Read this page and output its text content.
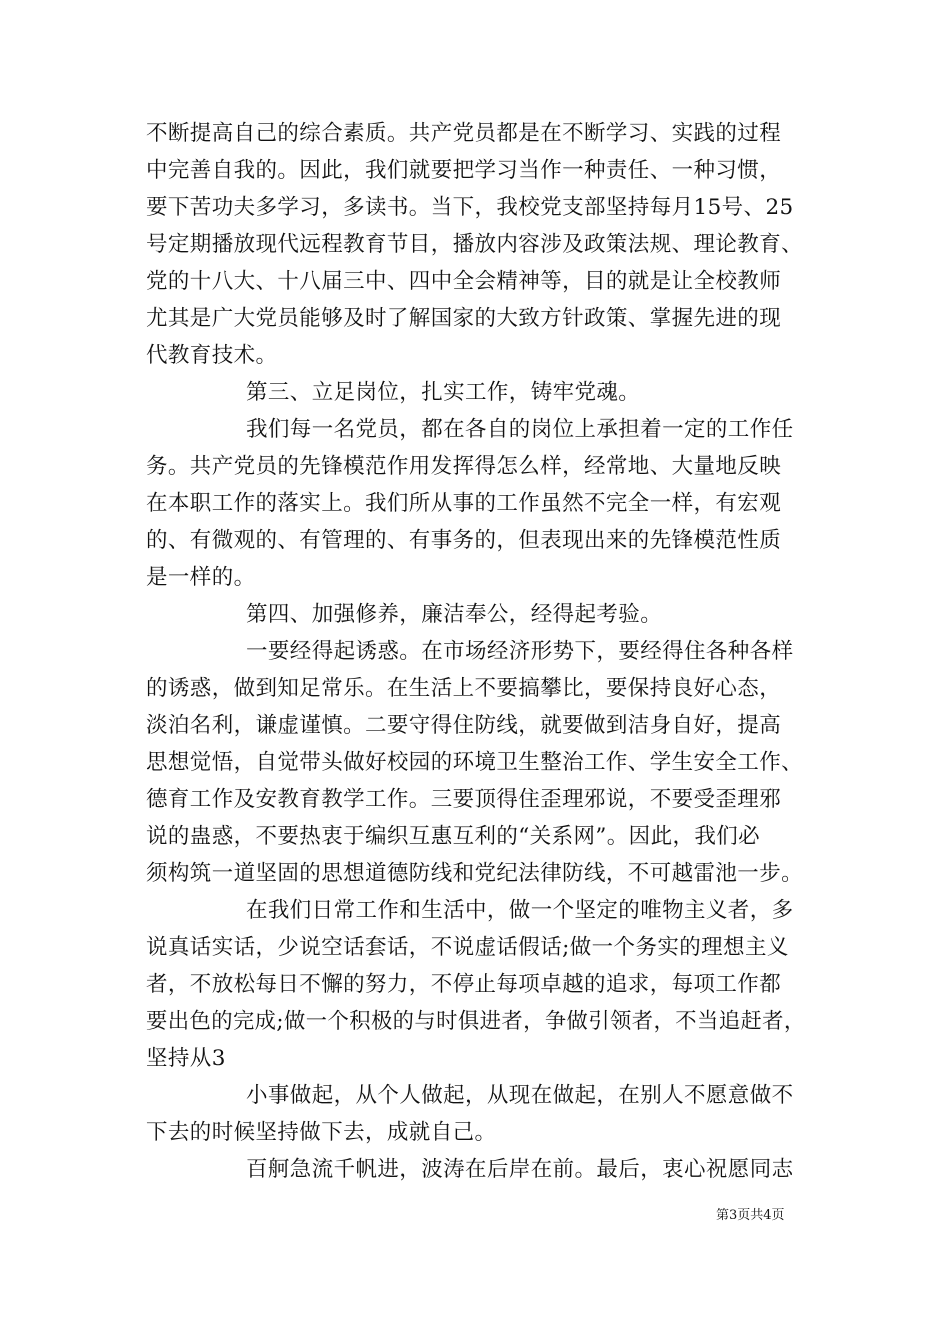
不断提高自己的综合素质。共产党员都是在不断学习、实践的过程
中完善自我的。因此，我们就要把学习当作一种责任、一种习惯，
要下苦功夫多学习，多读书。当下，我校党支部坚持每月15号、25
号定期播放现代远程教育节目，播放内容涉及政策法规、理论教育、
党的十八大、十八届三中、四中全会精神等，目的就是让全校教师
尤其是广大党员能够及时了解国家的大致方针政策、掌握先进的现
代教育技术。
第三、立足岗位，扎实工作，铸牢党魂。
我们每一名党员，都在各自的岗位上承担着一定的工作任
务。共产党员的先锋模范作用发挥得怎么样，经常地、大量地反映
在本职工作的落实上。我们所从事的工作虽然不完全一样，有宏观
的、有微观的、有管理的、有事务的，但表现出来的先锋模范性质
是一样的。
第四、加强修养，廉洁奉公，经得起考验。
一要经得起诱惑。在市场经济形势下，要经得住各种各样
的诱惑，做到知足常乐。在生活上不要搞攀比，要保持良好心态，
淡泊名利，谦虚谨慎。二要守得住防线，就要做到洁身自好，提高
思想觉悟，自觉带头做好校园的环境卫生整治工作、学生安全工作、
德育工作及安教育教学工作。三要顶得住歪理邪说，不要受歪理邪
说的蛊惑，不要热衷于编织互惠互利的“关系网”。因此，我们必
须构筑一道坚固的思想道德防线和党纪法律防线，不可越雷池一步。
在我们日常工作和生活中，做一个坚定的唯物主义者，多
说真话实话，少说空话套话，不说虚话假话;做一个务实的理想主义
者，不放松每日不懈的努力，不停止每项卓越的追求，每项工作都
要出色的完成;做一个积极的与时俱进者，争做引领者，不当追赶者，
坚持从3
小事做起，从个人做起，从现在做起，在别人不愿意做不
下去的时候坚持做下去，成就自己。
百舸急流千帆进，波涛在后岸在前。最后，衷心祝愿同志
第3页共4页
